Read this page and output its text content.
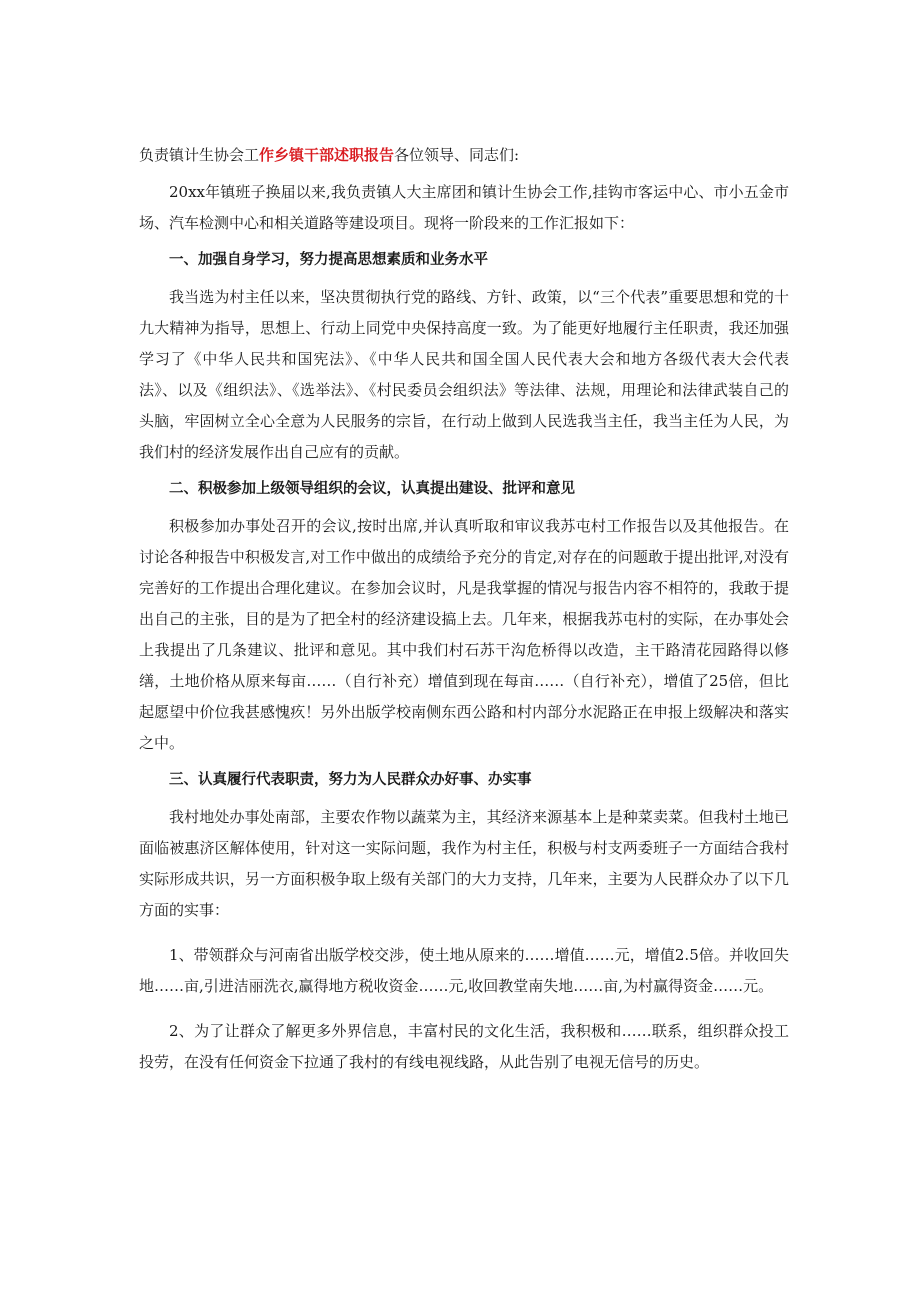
负责镇计生协会工作乡镇干部述职报告各位领导、同志们:

20xx年镇班子换届以来,我负责镇人大主席团和镇计生协会工作,挂钩市客运中心、市小五金市场、汽车检测中心和相关道路等建设项目。现将一阶段来的工作汇报如下：

一、加强自身学习，努力提高思想素质和业务水平

我当选为村主任以来，坚决贯彻执行党的路线、方针、政策，以“三个代表”重要思想和党的十九大精神为指导，思想上、行动上同党中央保持高度一致。为了能更好地履行主任职责，我还加强学习了《中华人民共和国宪法》、《中华人民共和国全国人民代表大会和地方各级代表大会代表法》、以及《组织法》、《选举法》、《村民委员会组织法》等法律、法规，用理论和法律武装自己的头脑，牢固树立全心全意为人民服务的宗旨，在行动上做到人民选我当主任，我当主任为人民，为我们村的经济发展作出自己应有的贡献。

二、积极参加上级领导组织的会议，认真提出建设、批评和意见

积极参加办事处召开的会议,按时出席,并认真听取和审议我苏屯村工作报告以及其他报告。在讨论各种报告中积极发言,对工作中做出的成绩给予充分的肯定,对存在的问题敢于提出批评,对没有完善好的工作提出合理化建议。在参加会议时，凡是我掌握的情况与报告内容不相符的，我敢于提出自己的主张，目的是为了把全村的经济建设搞上去。几年来，根据我苏屯村的实际，在办事处会上我提出了几条建议、批评和意见。其中我们村石苏干沟危桥得以改造，主干路清花园路得以修缮，土地价格从原来每亩……（自行补充）增值到现在每亩……（自行补充），增值了25倍，但比起愿望中价位我甚感愧疚！另外出版学校南侧东西公路和村内部分水泥路正在申报上级解决和落实之中。

三、认真履行代表职责，努力为人民群众办好事、办实事

我村地处办事处南部，主要农作物以蔬菜为主，其经济来源基本上是种菜卖菜。但我村土地已面临被惠济区解体使用，针对这一实际问题，我作为村主任，积极与村支两委班子一方面结合我村实际形成共识，另一方面积极争取上级有关部门的大力支持，几年来，主要为人民群众办了以下几方面的实事：

1、带领群众与河南省出版学校交涉，使土地从原来的……增值……元，增值2.5倍。并收回失地……亩,引进洁丽洗衣,赢得地方税收资金……元,收回教堂南失地……亩,为村赢得资金……元。

2、为了让群众了解更多外界信息，丰富村民的文化生活，我积极和……联系，组织群众投工投劳，在没有任何资金下拉通了我村的有线电视线路，从此告别了电视无信号的历史。
